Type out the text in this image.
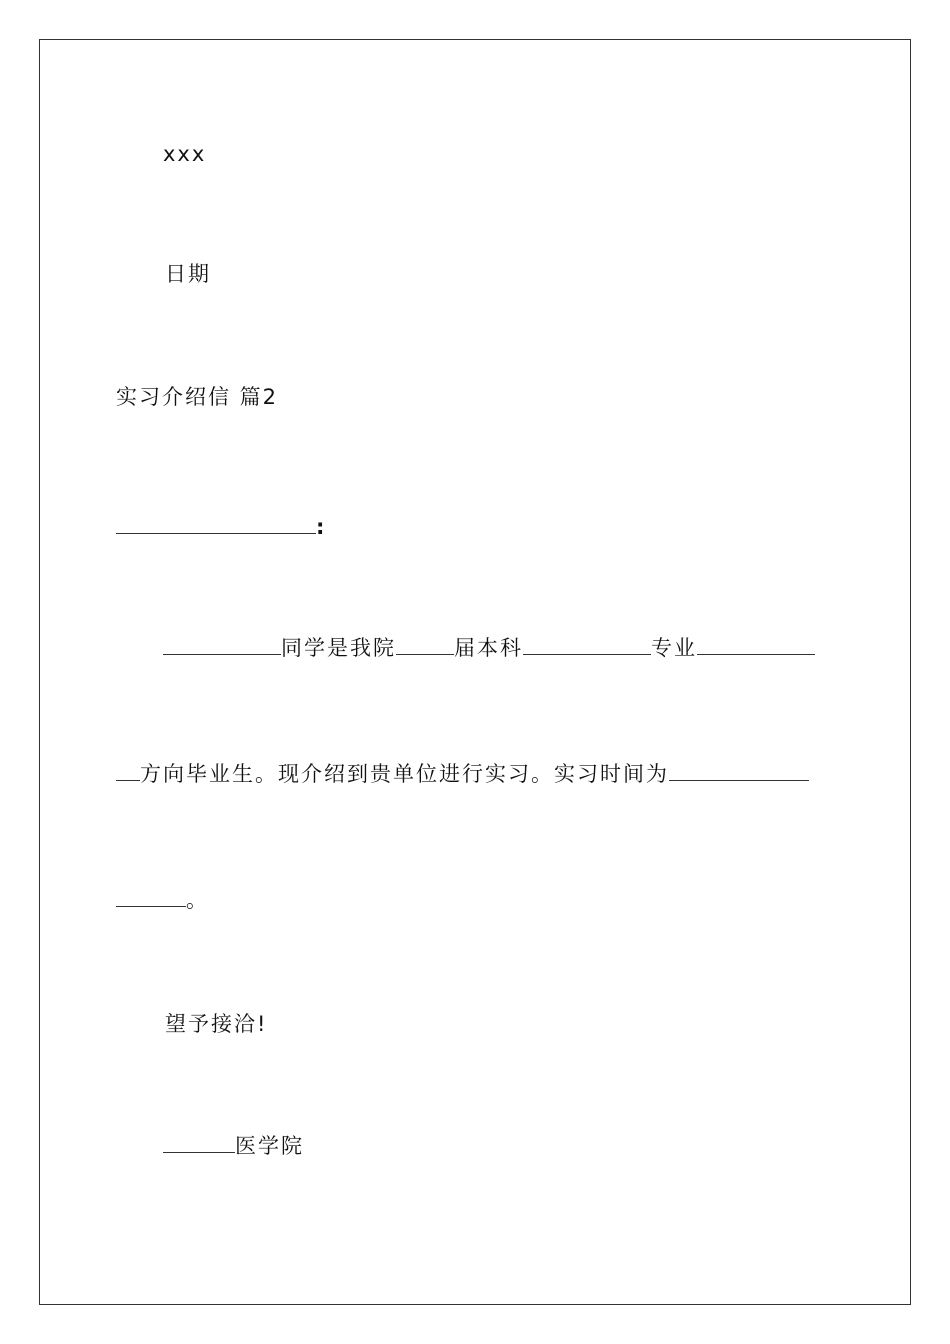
xxx
日期
实习介绍信 篇2
:
同学是我院	届本科	专业
方向毕业生。现介绍到贵单位进行实习。实习时间为
。
望予接洽!
医学院
